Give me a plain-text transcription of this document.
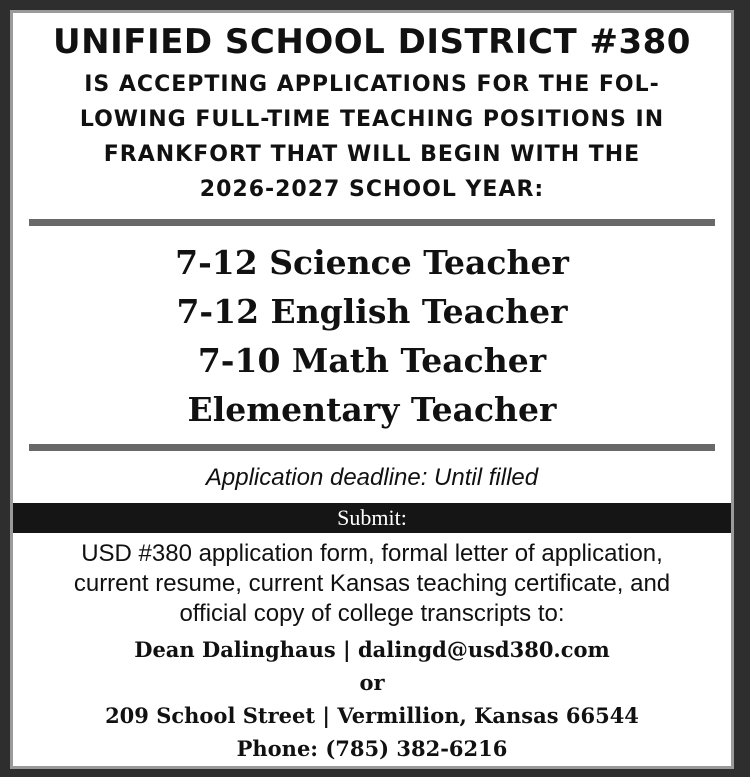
UNIFIED SCHOOL DISTRICT #380
IS ACCEPTING APPLICATIONS FOR THE FOL-
LOWING FULL-TIME TEACHING POSITIONS IN
FRANKFORT THAT WILL BEGIN WITH THE
2026-2027 SCHOOL YEAR:
7-12 Science Teacher
7-12 English Teacher
7-10 Math Teacher
Elementary Teacher
Application deadline: Until filled
Submit:
USD #380 application form, formal letter of application,
current resume, current Kansas teaching certificate, and
official copy of college transcripts to:
Dean Dalinghaus | dalingd@usd380.com
or
209 School Street | Vermillion, Kansas 66544
Phone: (785) 382-6216
